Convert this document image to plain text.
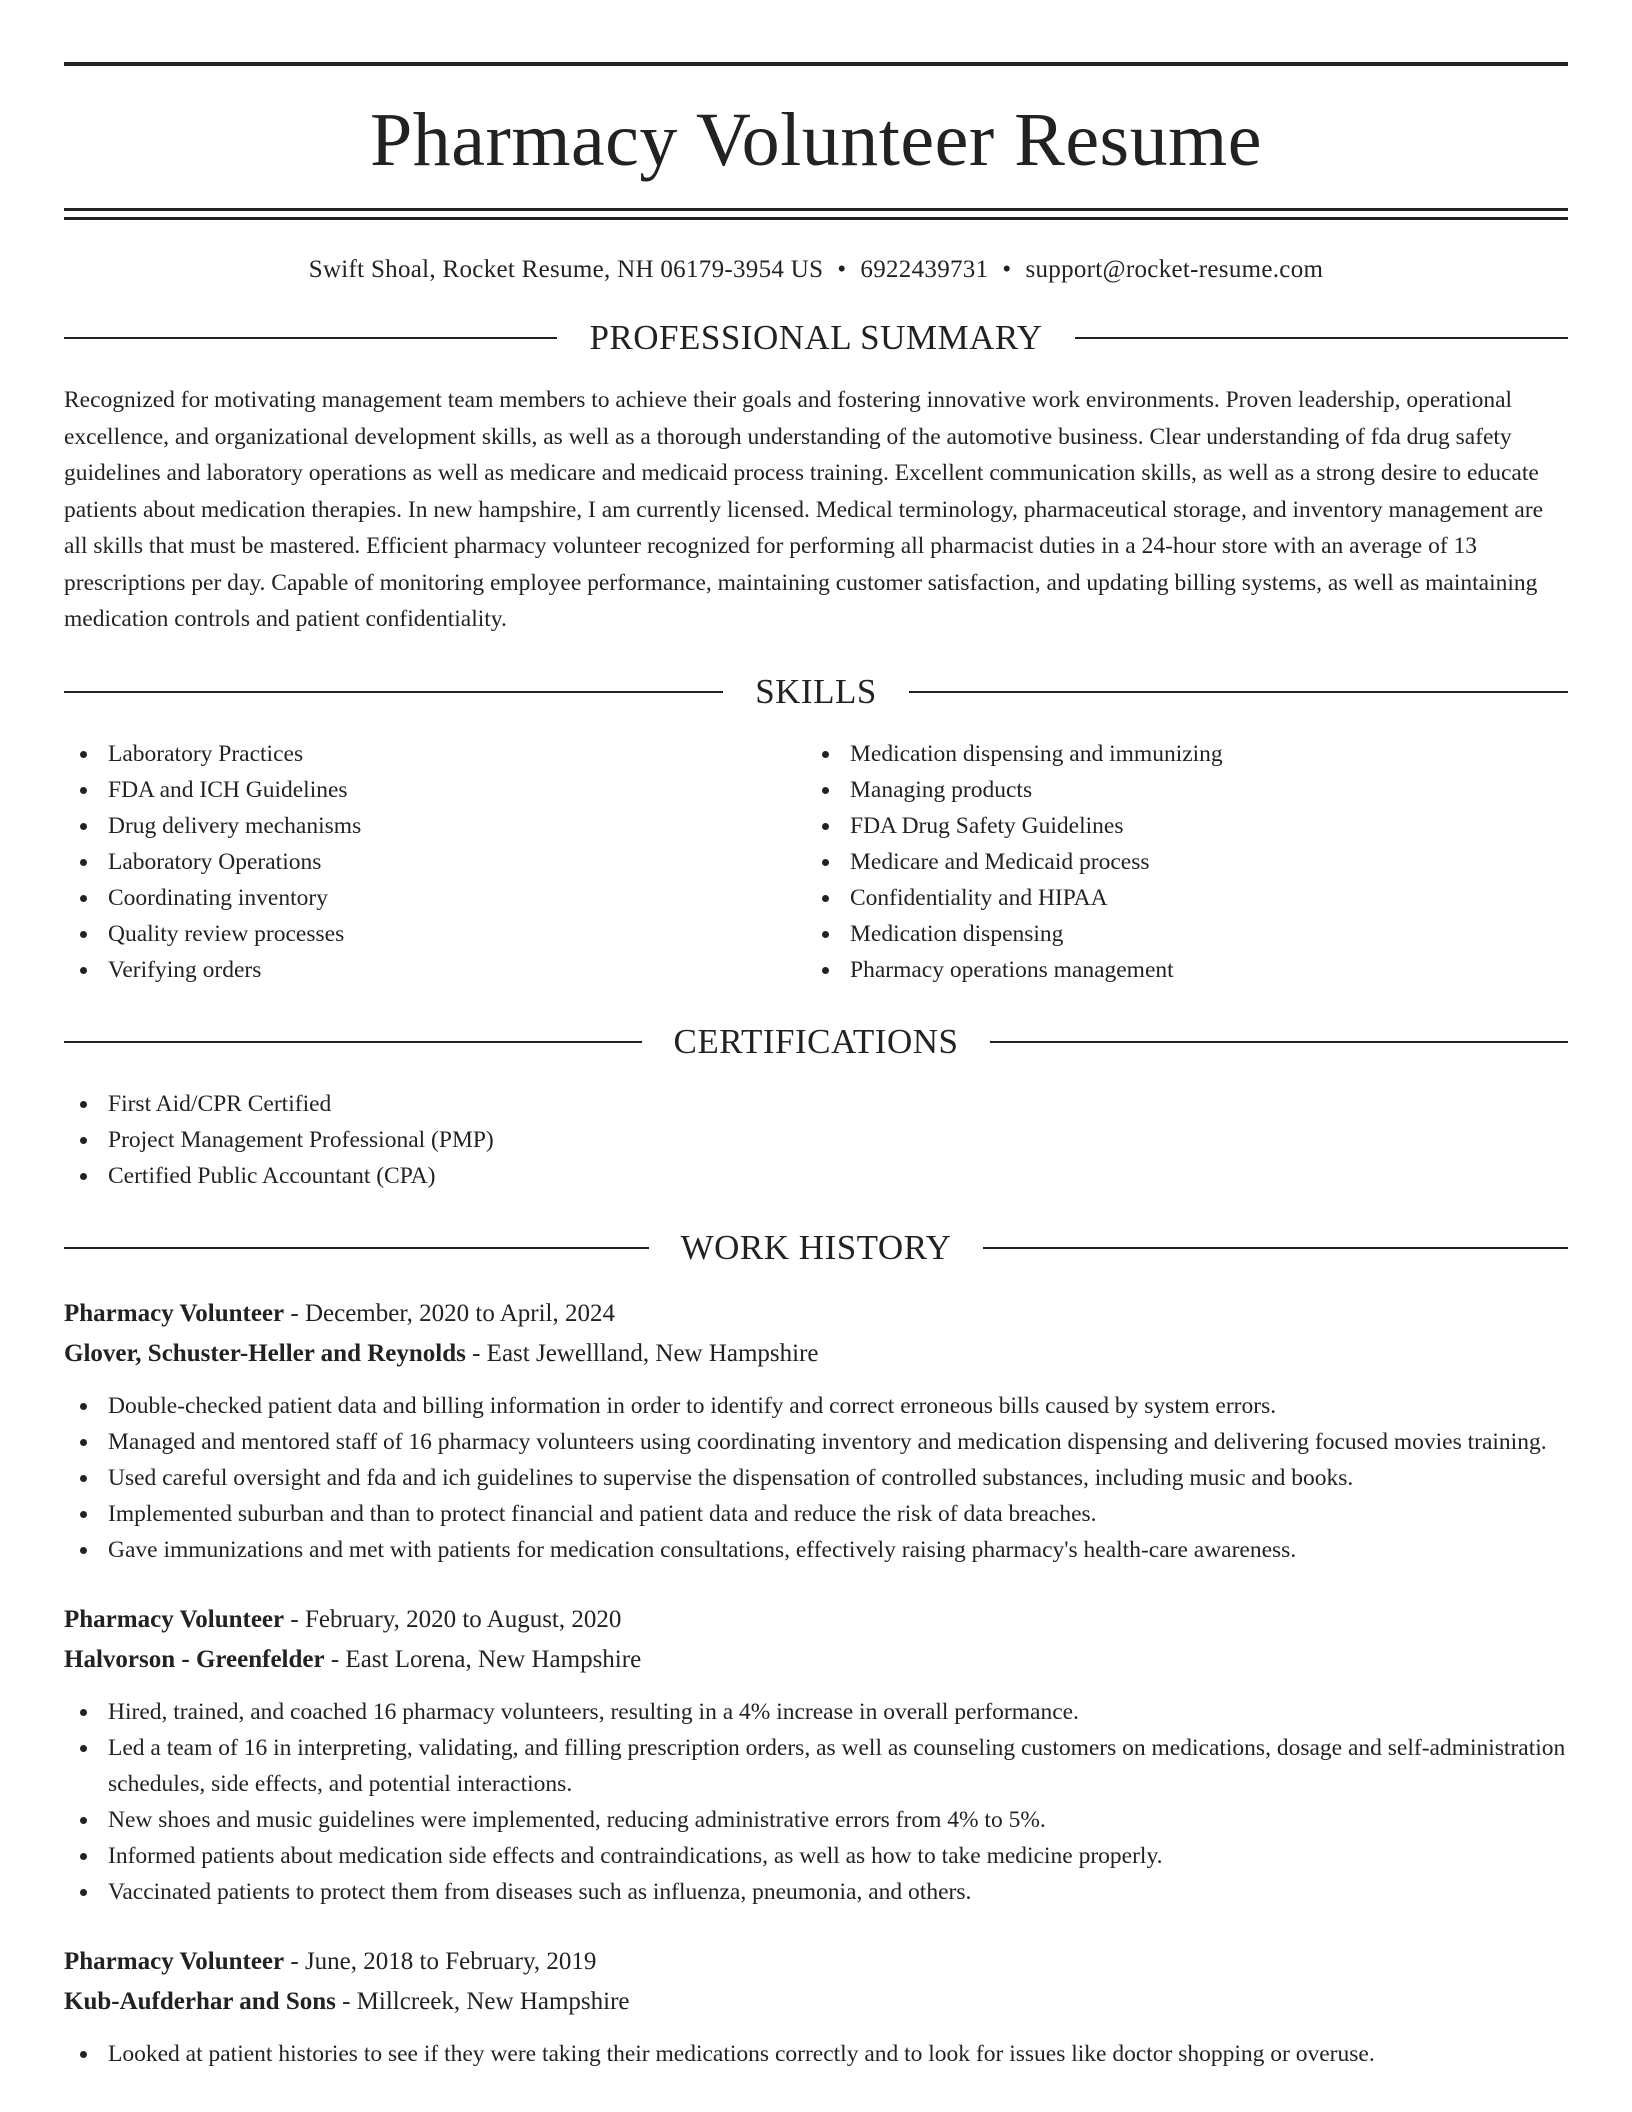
Pharmacy Volunteer Resume
Swift Shoal, Rocket Resume, NH 06179-3954 US • 6922439731 • support@rocket-resume.com
PROFESSIONAL SUMMARY
Recognized for motivating management team members to achieve their goals and fostering innovative work environments. Proven leadership, operational excellence, and organizational development skills, as well as a thorough understanding of the automotive business. Clear understanding of fda drug safety guidelines and laboratory operations as well as medicare and medicaid process training. Excellent communication skills, as well as a strong desire to educate patients about medication therapies. In new hampshire, I am currently licensed. Medical terminology, pharmaceutical storage, and inventory management are all skills that must be mastered. Efficient pharmacy volunteer recognized for performing all pharmacist duties in a 24-hour store with an average of 13 prescriptions per day. Capable of monitoring employee performance, maintaining customer satisfaction, and updating billing systems, as well as maintaining medication controls and patient confidentiality.
SKILLS
Laboratory Practices
FDA and ICH Guidelines
Drug delivery mechanisms
Laboratory Operations
Coordinating inventory
Quality review processes
Verifying orders
Medication dispensing and immunizing
Managing products
FDA Drug Safety Guidelines
Medicare and Medicaid process
Confidentiality and HIPAA
Medication dispensing
Pharmacy operations management
CERTIFICATIONS
First Aid/CPR Certified
Project Management Professional (PMP)
Certified Public Accountant (CPA)
WORK HISTORY
Pharmacy Volunteer - December, 2020 to April, 2024
Glover, Schuster-Heller and Reynolds - East Jewellland, New Hampshire
Double-checked patient data and billing information in order to identify and correct erroneous bills caused by system errors.
Managed and mentored staff of 16 pharmacy volunteers using coordinating inventory and medication dispensing and delivering focused movies training.
Used careful oversight and fda and ich guidelines to supervise the dispensation of controlled substances, including music and books.
Implemented suburban and than to protect financial and patient data and reduce the risk of data breaches.
Gave immunizations and met with patients for medication consultations, effectively raising pharmacy's health-care awareness.
Pharmacy Volunteer - February, 2020 to August, 2020
Halvorson - Greenfelder - East Lorena, New Hampshire
Hired, trained, and coached 16 pharmacy volunteers, resulting in a 4% increase in overall performance.
Led a team of 16 in interpreting, validating, and filling prescription orders, as well as counseling customers on medications, dosage and self-administration schedules, side effects, and potential interactions.
New shoes and music guidelines were implemented, reducing administrative errors from 4% to 5%.
Informed patients about medication side effects and contraindications, as well as how to take medicine properly.
Vaccinated patients to protect them from diseases such as influenza, pneumonia, and others.
Pharmacy Volunteer - June, 2018 to February, 2019
Kub-Aufderhar and Sons - Millcreek, New Hampshire
Looked at patient histories to see if they were taking their medications correctly and to look for issues like doctor shopping or overuse.
